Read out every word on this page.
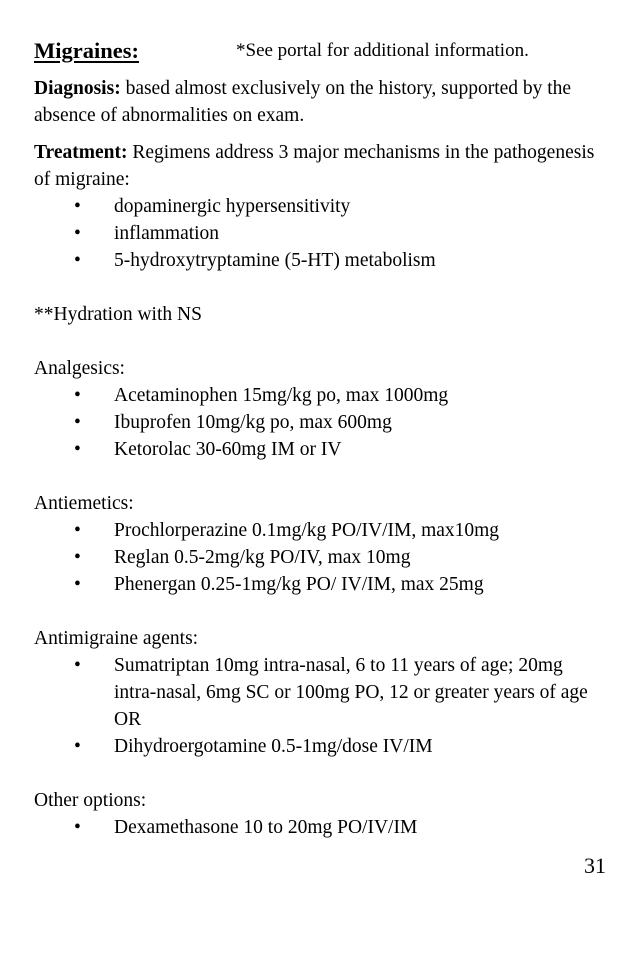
Migraines:	*See portal for additional information.

Diagnosis: based almost exclusively on the history, supported by the absence of abnormalities on exam.

Treatment: Regimens address 3 major mechanisms in the pathogenesis of migraine:

• dopaminergic hypersensitivity
• inflammation
• 5-hydroxytryptamine (5-HT) metabolism

**Hydration with NS

Analgesics:

• Acetaminophen 15mg/kg po, max 1000mg
• Ibuprofen 10mg/kg po, max 600mg
• Ketorolac 30-60mg IM or IV

Antiemetics:

• Prochlorperazine 0.1mg/kg PO/IV/IM, max10mg
• Reglan 0.5-2mg/kg PO/IV, max 10mg
• Phenergan 0.25-1mg/kg PO/ IV/IM, max 25mg

Antimigraine agents:

• Sumatriptan 10mg intra-nasal, 6 to 11 years of age; 20mg intra-nasal, 6mg SC or 100mg PO, 12 or greater years of age OR
• Dihydroergotamine 0.5-1mg/dose IV/IM

Other options:

• Dexamethasone 10 to 20mg PO/IV/IM
31
